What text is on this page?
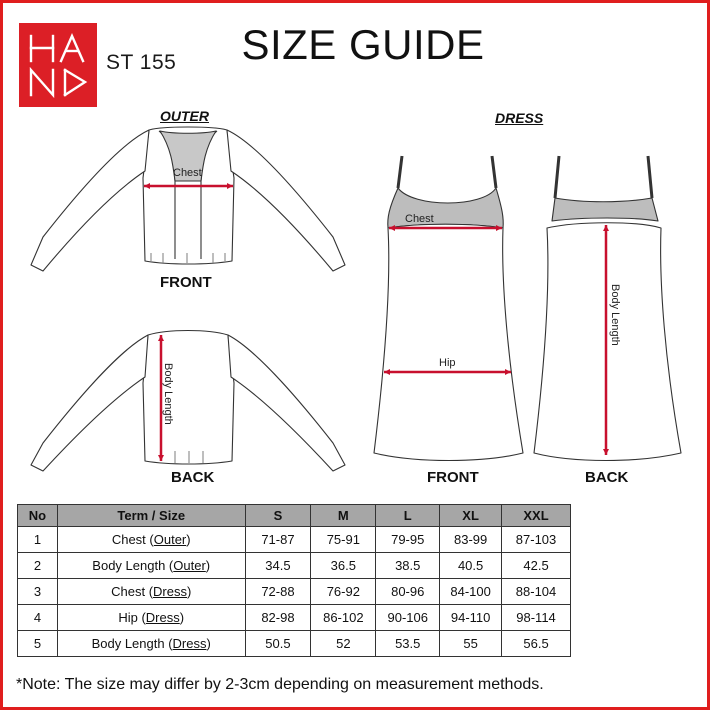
ST 155	SIZE GUIDE
OUTER	DRESS
Chest
Body Length
Chest
Hip
Body Length
FRONT
BACK	FRONT	BACK
No	Term / Size	S	M	L	XL	XXL
1	Chest (Outer)	71-87	75-91	79-95	83-99	87-103
2	Body Length (Outer)	34.5	36.5	38.5	40.5	42.5
3	Chest (Dress)	72-88	76-92	80-96	84-100	88-104
4	Hip (Dress)	82-98	86-102	90-106	94-110	98-114
5	Body Length (Dress)	50.5	52	53.5	55	56.5
*Note: The size may differ by 2-3cm depending on measurement methods.
